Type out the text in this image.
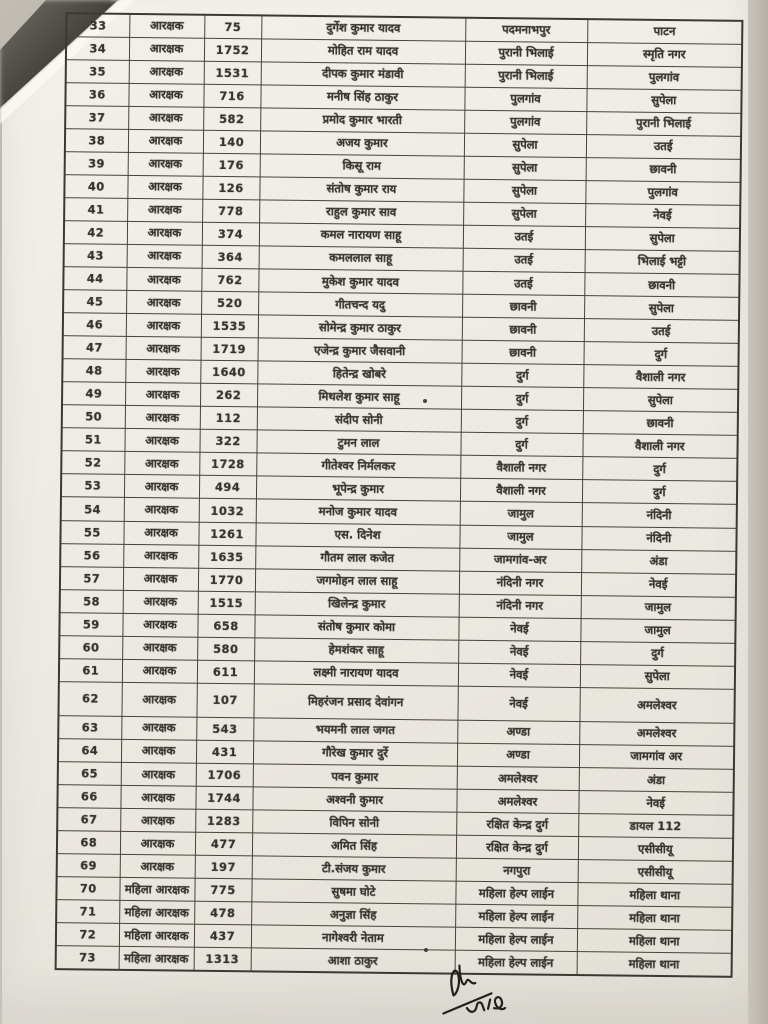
33	आरक्षक	75	दुर्गेश कुमार यादव	पदमनाभपुर	पाटन
34	आरक्षक	1752	मोहित राम यादव	पुरानी भिलाई	स्मृति नगर
35	आरक्षक	1531	दीपक कुमार मंडावी	पुरानी भिलाई	पुलगांव
36	आरक्षक	716	मनीष सिंह ठाकुर	पुलगांव	सुपेला
37	आरक्षक	582	प्रमोद कुमार भारती	पुलगांव	पुरानी भिलाई
38	आरक्षक	140	अजय कुमार	सुपेला	उतई
39	आरक्षक	176	किसू राम	सुपेला	छावनी
40	आरक्षक	126	संतोष कुमार राय	सुपेला	पुलगांव
41	आरक्षक	778	राहुल कुमार साव	सुपेला	नेवई
42	आरक्षक	374	कमल नारायण साहू	उतई	सुपेला
43	आरक्षक	364	कमललाल साहू	उतई	भिलाई भट्टी
44	आरक्षक	762	मुकेश कुमार यादव	उतई	छावनी
45	आरक्षक	520	गीतचन्द यदु	छावनी	सुपेला
46	आरक्षक	1535	सोमेन्द्र कुमार ठाकुर	छावनी	उतई
47	आरक्षक	1719	एजेन्द्र कुमार जैसवानी	छावनी	दुर्ग
48	आरक्षक	1640	हितेन्द्र खोबरे	दुर्ग	वैशाली नगर
49	आरक्षक	262	मिथलेश कुमार साहू	दुर्ग	सुपेला
50	आरक्षक	112	संदीप सोनी	दुर्ग	छावनी
51	आरक्षक	322	टुमन लाल	दुर्ग	वैशाली नगर
52	आरक्षक	1728	गीतेश्वर निर्मलकर	वैशाली नगर	दुर्ग
53	आरक्षक	494	भूपेन्द्र कुमार	वैशाली नगर	दुर्ग
54	आरक्षक	1032	मनोज कुमार यादव	जामुल	नंदिनी
55	आरक्षक	1261	एस. दिनेश	जामुल	नंदिनी
56	आरक्षक	1635	गौतम लाल कजेत	जामगांव-अर	अंडा
57	आरक्षक	1770	जगमोहन लाल साहू	नंदिनी नगर	नेवई
58	आरक्षक	1515	खिलेन्द्र कुमार	नंदिनी नगर	जामुल
59	आरक्षक	658	संतोष कुमार कोमा	नेवई	जामुल
60	आरक्षक	580	हेमशंकर साहू	नेवई	दुर्ग
61	आरक्षक	611	लक्ष्मी नारायण यादव	नेवई	सुपेला
62	आरक्षक	107	मिहरंजन प्रसाद देवांगन	नेवई	अमलेश्वर
63	आरक्षक	543	भयमनी लाल जगत	अण्डा	अमलेश्वर
64	आरक्षक	431	गौरेख कुमार दुर्रे	अण्डा	जामगांव अर
65	आरक्षक	1706	पवन कुमार	अमलेश्वर	अंडा
66	आरक्षक	1744	अश्वनी कुमार	अमलेश्वर	नेवई
67	आरक्षक	1283	विपिन सोनी	रक्षित केन्द्र दुर्ग	डायल 112
68	आरक्षक	477	अमित सिंह	रक्षित केन्द्र दुर्ग	एसीसीयू
69	आरक्षक	197	टी.संजय कुमार	नगपुरा	एसीसीयू
70	महिला आरक्षक	775	सुषमा घोटे	महिला हेल्प लाईन	महिला थाना
71	महिला आरक्षक	478	अनुज्ञा सिंह	महिला हेल्प लाईन	महिला थाना
72	महिला आरक्षक	437	नागेश्वरी नेताम	महिला हेल्प लाईन	महिला थाना
73	महिला आरक्षक	1313	आशा ठाकुर	महिला हेल्प लाईन	महिला थाना
